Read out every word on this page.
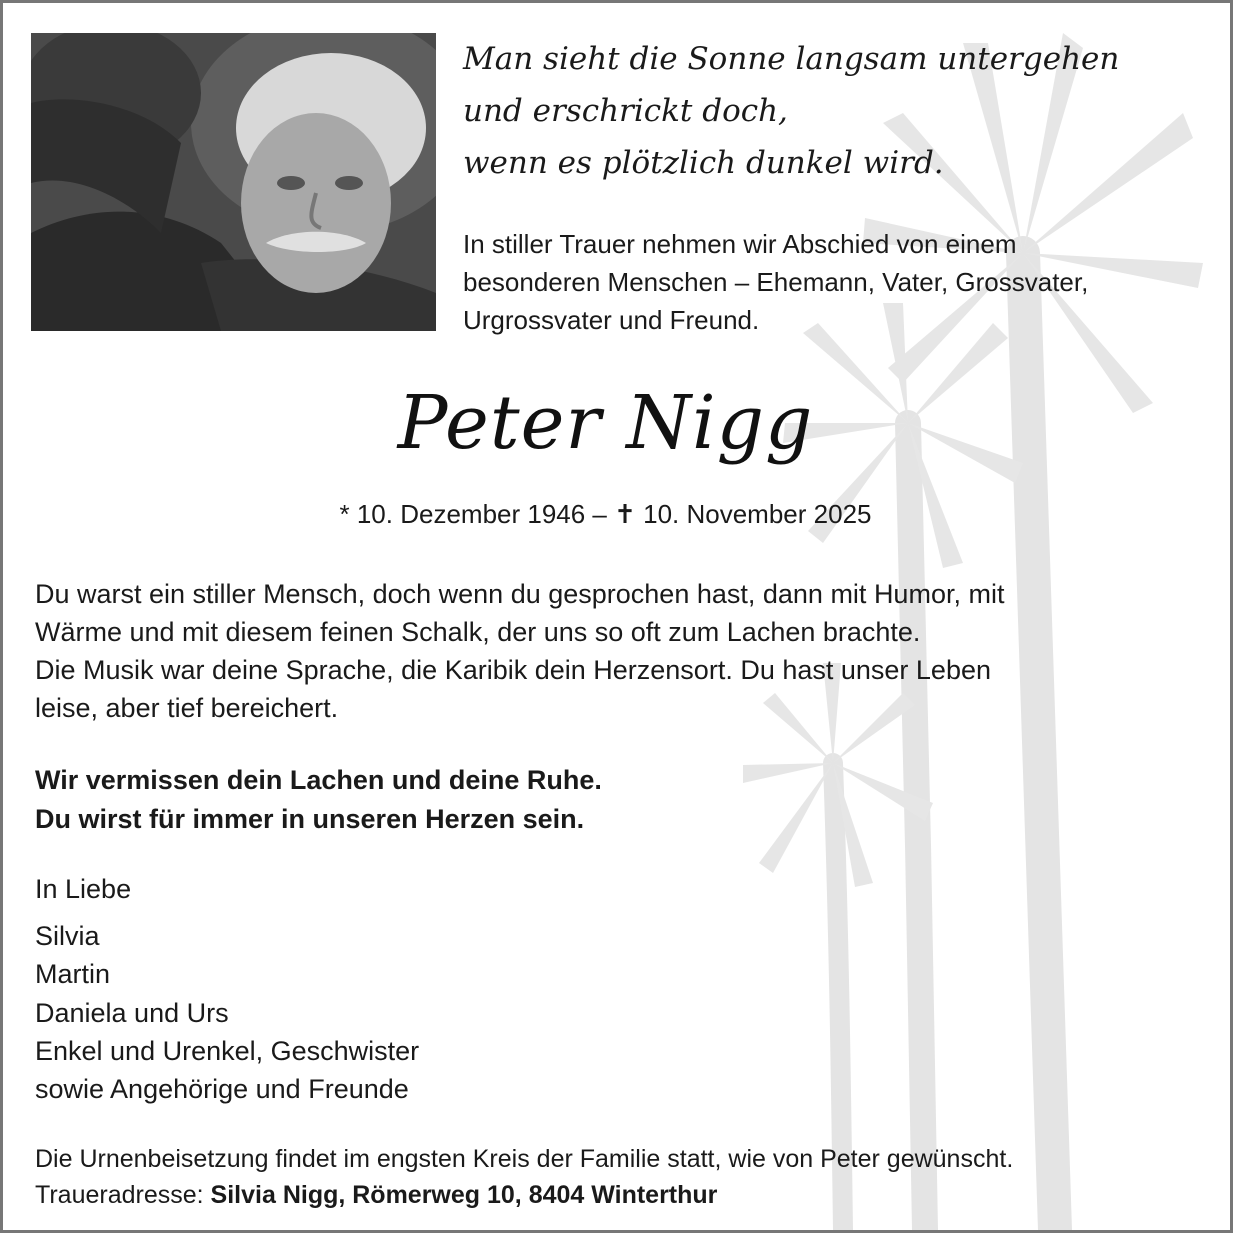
Man sieht die Sonne langsam untergehen
und erschrickt doch,
wenn es plötzlich dunkel wird.
In stiller Trauer nehmen wir Abschied von einem
besonderen Menschen – Ehemann, Vater, Grossvater,
Urgrossvater und Freund.
Peter Nigg
* 10. Dezember 1946 – ✝ 10. November 2025
Du warst ein stiller Mensch, doch wenn du gesprochen hast, dann mit Humor, mit
Wärme und mit diesem feinen Schalk, der uns so oft zum Lachen brachte.
Die Musik war deine Sprache, die Karibik dein Herzensort. Du hast unser Leben
leise, aber tief bereichert.
Wir vermissen dein Lachen und deine Ruhe.
Du wirst für immer in unseren Herzen sein.
In Liebe
Silvia
Martin
Daniela und Urs
Enkel und Urenkel, Geschwister
sowie Angehörige und Freunde
Die Urnenbeisetzung findet im engsten Kreis der Familie statt, wie von Peter gewünscht.
Traueradresse: Silvia Nigg, Römerweg 10, 8404 Winterthur
